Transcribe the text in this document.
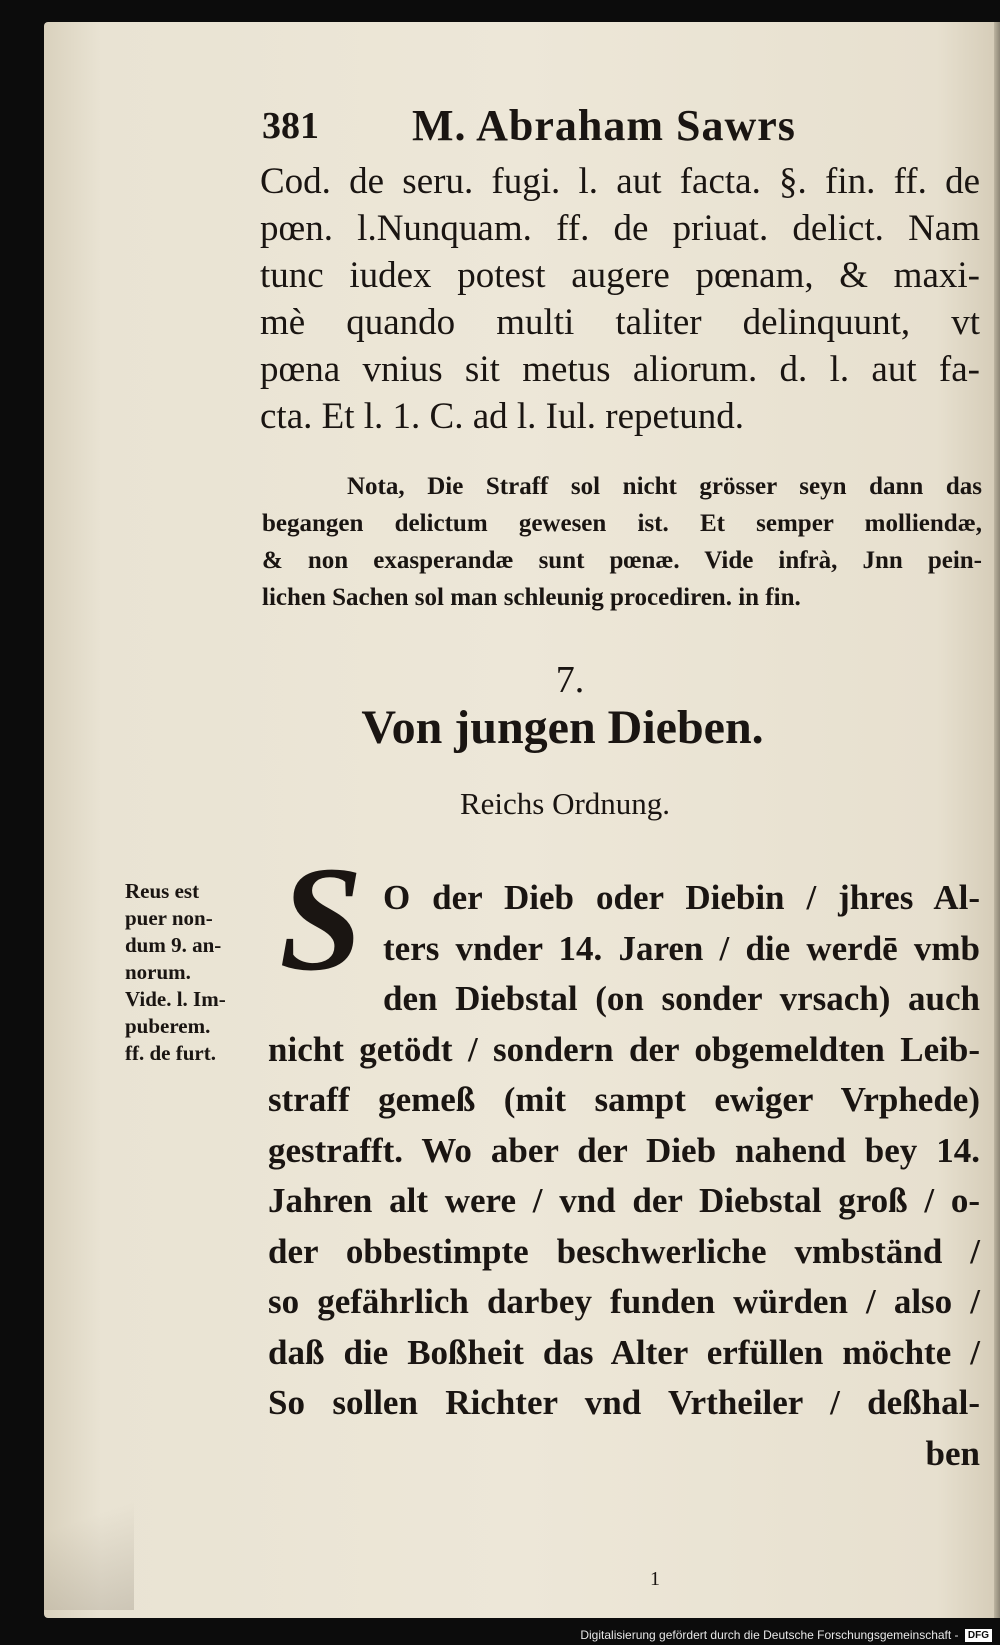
381 M. Abraham Sawrs
Cod. de seru. fugi. l. aut facta. §. fin. ff. de
pœn. l.Nunquam. ff. de priuat. delict. Nam
tunc iudex potest augere pœnam, & maxi-
mè quando multi taliter delinquunt, vt
pœna vnius sit metus aliorum. d. l. aut fa-
cta. Et l. 1. C. ad l. Iul. repetund.
Nota, Die Straff sol nicht grösser seyn dann das
begangen delictum gewesen ist. Et semper molliendæ,
& non exasperandæ sunt pœnæ. Vide infrà, Jnn pein-
lichen Sachen sol man schleunig procediren. in fin.
7.
Von jungen Dieben.
Reichs Ordnung.
Reus est
puer non-
dum 9. an-
norum.
Vide. l. Im-
puberem.
ff. de furt.
S O der Dieb oder Diebin / jhres Al-
ters vnder 14. Jaren / die werdē vmb
den Diebstal (on sonder vrsach) auch
nicht getödt / sondern der obgemeldten Leib-
straff gemeß (mit sampt ewiger Vrphede)
gestrafft. Wo aber der Dieb nahend bey 14.
Jahren alt were / vnd der Diebstal groß / o-
der obbestimpte beschwerliche vmbständ /
so gefährlich darbey funden würden / also /
daß die Boßheit das Alter erfüllen möchte /
So sollen Richter vnd Vrtheiler / deßhal-
ben
1
Digitalisierung gefördert durch die Deutsche Forschungsgemeinschaft - DFG
